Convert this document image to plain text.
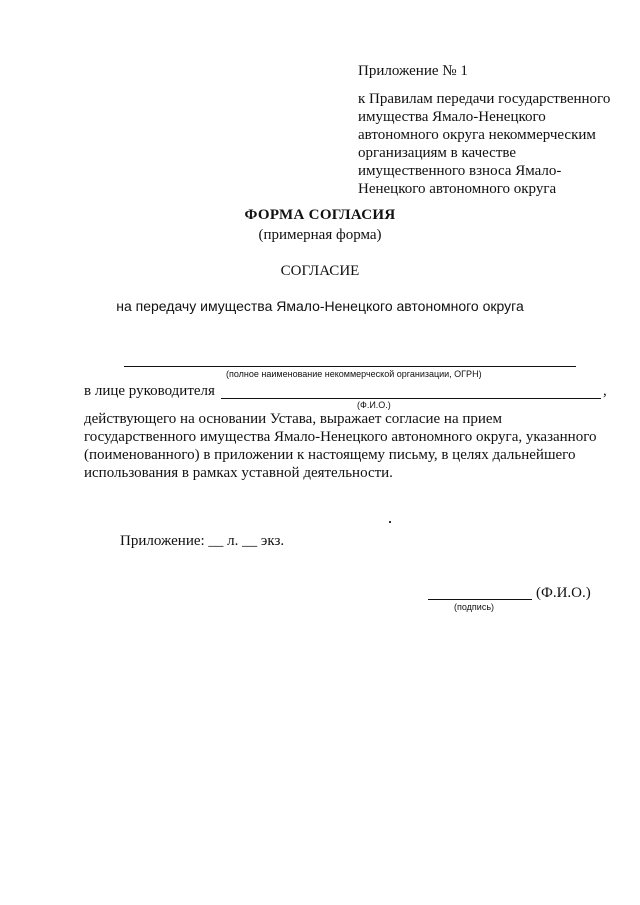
Приложение № 1
к Правилам передачи государственного
имущества Ямало-Ненецкого
автономного округа некоммерческим
организациям в качестве
имущественного взноса Ямало-
Ненецкого автономного округа
ФОРМА СОГЛАСИЯ
(примерная форма)
СОГЛАСИЕ
на передачу имущества Ямало-Ненецкого автономного округа
(полное наименование некоммерческой организации, ОГРН)
в лице руководителя	,
(Ф.И.О.)
действующего на основании Устава, выражает согласие на прием
государственного имущества Ямало-Ненецкого автономного округа, указанного
(поименованного) в приложении к настоящему письму, в целях дальнейшего
использования в рамках уставной деятельности.
Приложение: __ л. __ экз.
(Ф.И.О.)
(подпись)
